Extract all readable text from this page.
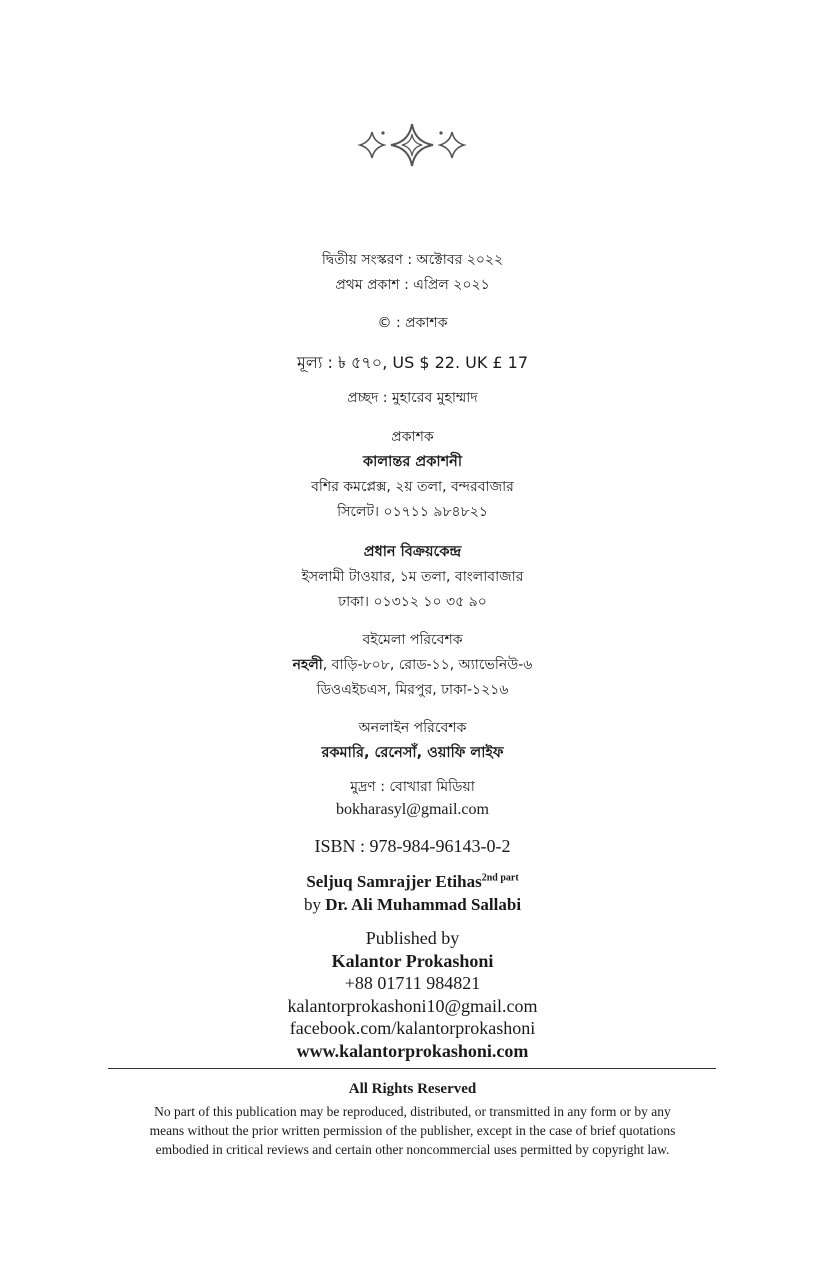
দ্বিতীয় সংস্করণ : অক্টোবর ২০২২
প্রথম প্রকাশ : এপ্রিল ২০২১
© : প্রকাশক
মূল্য : ৳ ৫৭০, US $ 22. UK £ 17
প্রচ্ছদ : মুহারেব মুহাম্মাদ
প্রকাশক
কালান্তর প্রকাশনী
বশির কমপ্লেক্স, ২য় তলা, বন্দরবাজার
সিলেট। ০১৭১১ ৯৮৪৮২১
প্রধান বিক্রয়কেন্দ্র
ইসলামী টাওয়ার, ১ম তলা, বাংলাবাজার
ঢাকা। ০১৩১২ ১০ ৩৫ ৯০
বইমেলা পরিবেশক
নহলী, বাড়ি-৮০৮, রোড-১১, অ্যাভেনিউ-৬
ডিওএইচএস, মিরপুর, ঢাকা-১২১৬
অনলাইন পরিবেশক
রকমারি, রেনেসাঁ, ওয়াফি লাইফ
মুদ্রণ : বোখারা মিডিয়া
bokharasyl@gmail.com
ISBN : 978-984-96143-0-2
Seljuq Samrajjer Etihas$^{2nd part}$
by Dr. Ali Muhammad Sallabi
Published by
Kalantor Prokashoni
+88 01711 984821
kalantorprokashoni10@gmail.com
facebook.com/kalantorprokashoni
www.kalantorprokashoni.com
All Rights Reserved
No part of this publication may be reproduced, distributed, or transmitted in any form or by any
means without the prior written permission of the publisher, except in the case of brief quotations
embodied in critical reviews and certain other noncommercial uses permitted by copyright law.
